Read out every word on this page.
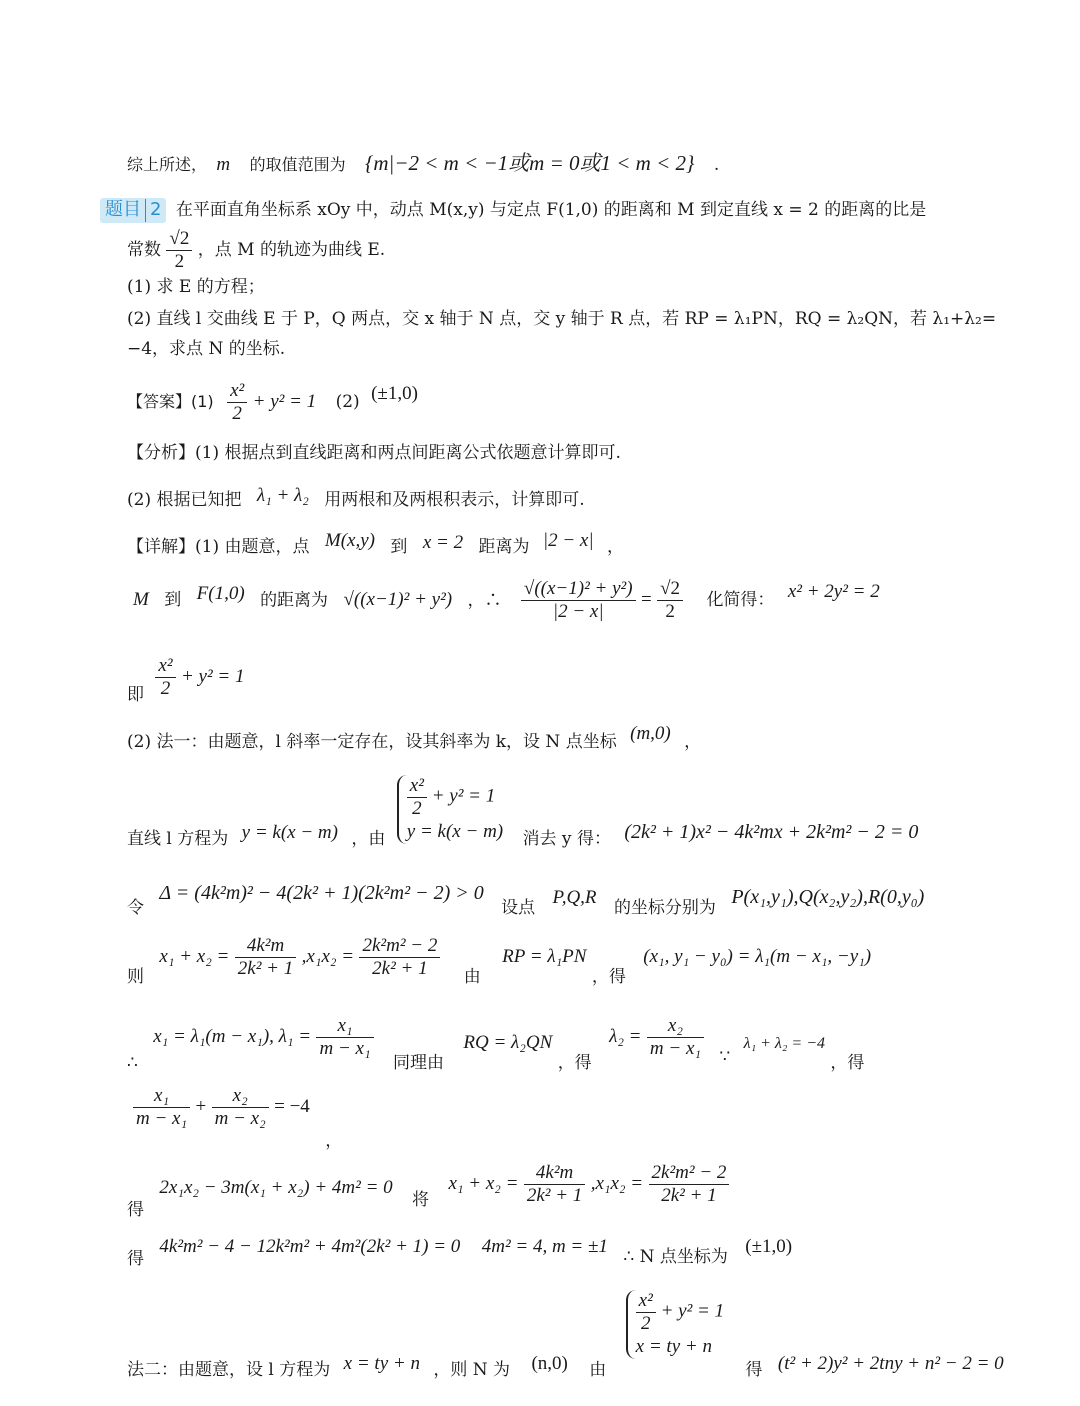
综上所述， m 的取值范围为 {m|−2 < m < −1或m = 0或1 < m < 2} .
题目 2 在平面直角坐标系 xOy 中，动点 M(x,y) 与定点 F(1,0) 的距离和 M 到定直线 x = 2 的距离的比是
常数 $\frac{√2}{2}$ ，点 M 的轨迹为曲线 E.
(1) 求 E 的方程；
(2) 直线 l 交曲线 E 于 P，Q 两点，交 x 轴于 N 点，交 y 轴于 R 点，若 RP = λ₁PN，RQ = λ₂QN，若 λ₁+λ₂=
−4，求点 N 的坐标.
【答案】$(1) \frac{\text{x²}}{2} + y^2 = 1$ (2) (±1,0)
【分析】(1) 根据点到直线距离和两点间距离公式依题意计算即可.
(2) 根据已知把 λ₁ + λ₂ 用两根和及两根积表示，计算即可.
【详解】(1) 由题意，点 M(x,y) 到 x = 2 距离为 |2 − x| ，
M 到 F(1,0) 的距离为 √((x−1)² + y²) ，∴ $\frac{\text{√((x−1)² + y²)}}{|2 - x|} = \frac{√2}{2}$ 化简得： x² + 2y² = 2
即 $\frac{\text{x²}}{2} + y^2 = 1$
(2) 法一：由题意，l 斜率一定存在，设其斜率为 k，设 N 点坐标 (m,0) ，
直线 l 方程为 y = k(x − m) ，由
$\frac{\text{x²}}{2} + y^2 = 1$
y = k(x − m) 消去 y 得： (2k² + 1)x² − 4k²mx + 2k²m² − 2 = 0
令 Δ = (4k²m)² − 4(2k² + 1)(2k²m² − 2) > 0 设点 P,Q,R 的坐标分别为 P(x₁,y₁),Q(x₂,y₂),R(0,y₀)
则 $x_1 + x_2 = \frac{\text{4k²m}}{\text{2k² + 1}} ,x_1x_2 = \frac{\text{2k²m² − 2}}{\text{2k² + 1}}$ 由 RP = λ₁PN ，得 (x₁, y₁ − y₀) = λ₁(m − x₁, −y₁)
∴ x₁ = λ₁(m − x₁), $\lambda_1 = \frac{\text{x₁}}{\text{m − x₁}}$
同理由 RQ = λ₂QN ，得 $\lambda_2 = \frac{\text{x₂}}{\text{m − x₁}}$ ∵ λ₁ + λ₂ = −4 ，得
$\frac{\text{x₁}}{\text{m − x₁}} + \frac{\text{x₂}}{\text{m − x₂}} = -4$ ，
得 2x₁x₂ − 3m(x₁ + x₂) + 4m² = 0 将 $x_1 + x_2 = \frac{\text{4k²m}}{\text{2k² + 1}} ,x_1x_2 = \frac{\text{2k²m² − 2}}{\text{2k² + 1}}$
得 4k²m² − 4 − 12k²m² + 4m²(2k² + 1) = 0 4m² = 4, m = ±1 ∴ N 点坐标为 (±1,0)
法二：由题意，设 l 方程为 x = ty + n ，则 N 为 (n,0) 由
$\frac{\text{x²}}{2} + y^2 = 1$
x = ty + n
得 (t² + 2)y² + 2tny + n² − 2 = 0
